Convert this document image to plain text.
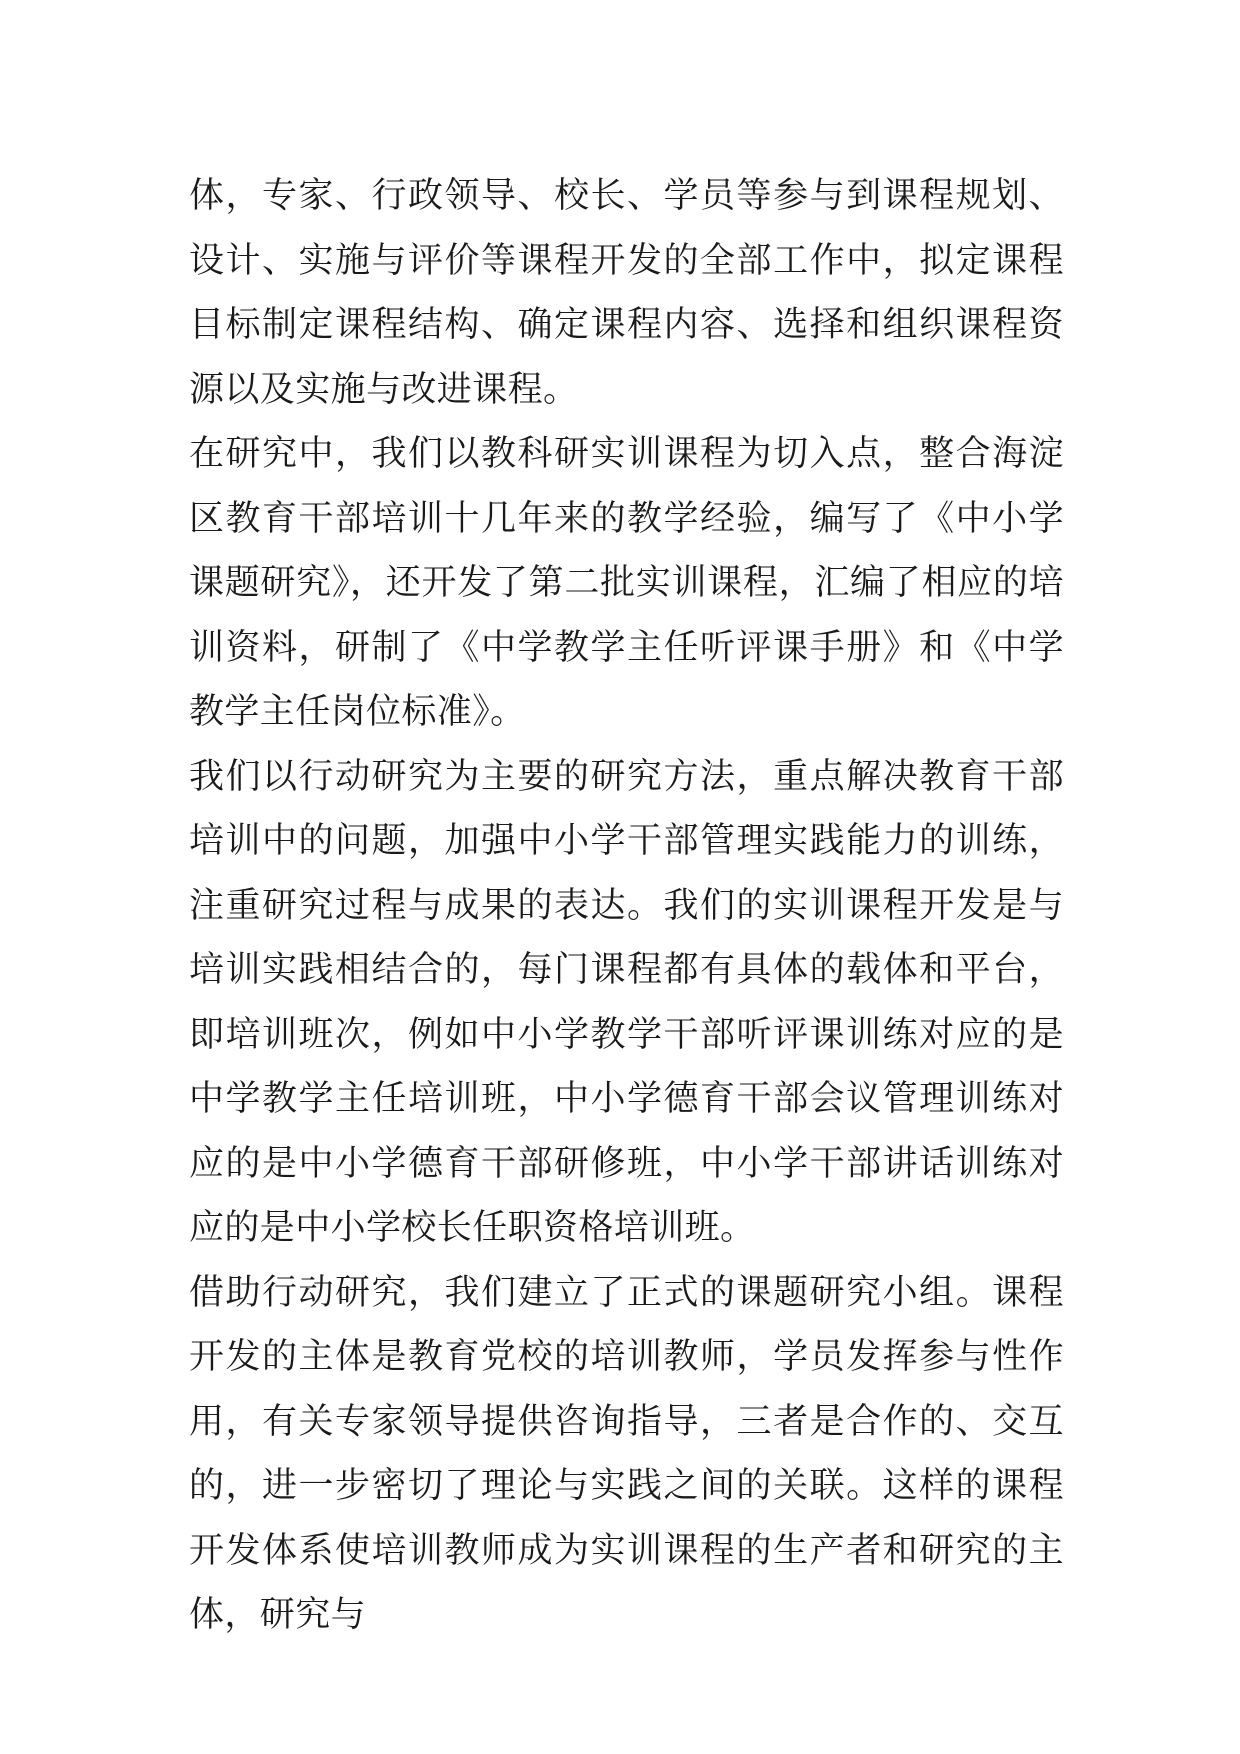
体，专家、行政领导、校长、学员等参与到课程规划、设计、实施与评价等课程开发的全部工作中，拟定课程目标制定课程结构、确定课程内容、选择和组织课程资源以及实施与改进课程。

在研究中，我们以教科研实训课程为切入点，整合海淀区教育干部培训十几年来的教学经验，编写了《中小学课题研究》，还开发了第二批实训课程，汇编了相应的培训资料，研制了《中学教学主任听评课手册》和《中学教学主任岗位标准》。

我们以行动研究为主要的研究方法，重点解决教育干部培训中的问题，加强中小学干部管理实践能力的训练，注重研究过程与成果的表达。我们的实训课程开发是与培训实践相结合的，每门课程都有具体的载体和平台，即培训班次，例如中小学教学干部听评课训练对应的是中学教学主任培训班，中小学德育干部会议管理训练对应的是中小学德育干部研修班，中小学干部讲话训练对应的是中小学校长任职资格培训班。

借助行动研究，我们建立了正式的课题研究小组。课程开发的主体是教育党校的培训教师，学员发挥参与性作用，有关专家领导提供咨询指导，三者是合作的、交互的，进一步密切了理论与实践之间的关联。这样的课程开发体系使培训教师成为实训课程的生产者和研究的主体，研究与
